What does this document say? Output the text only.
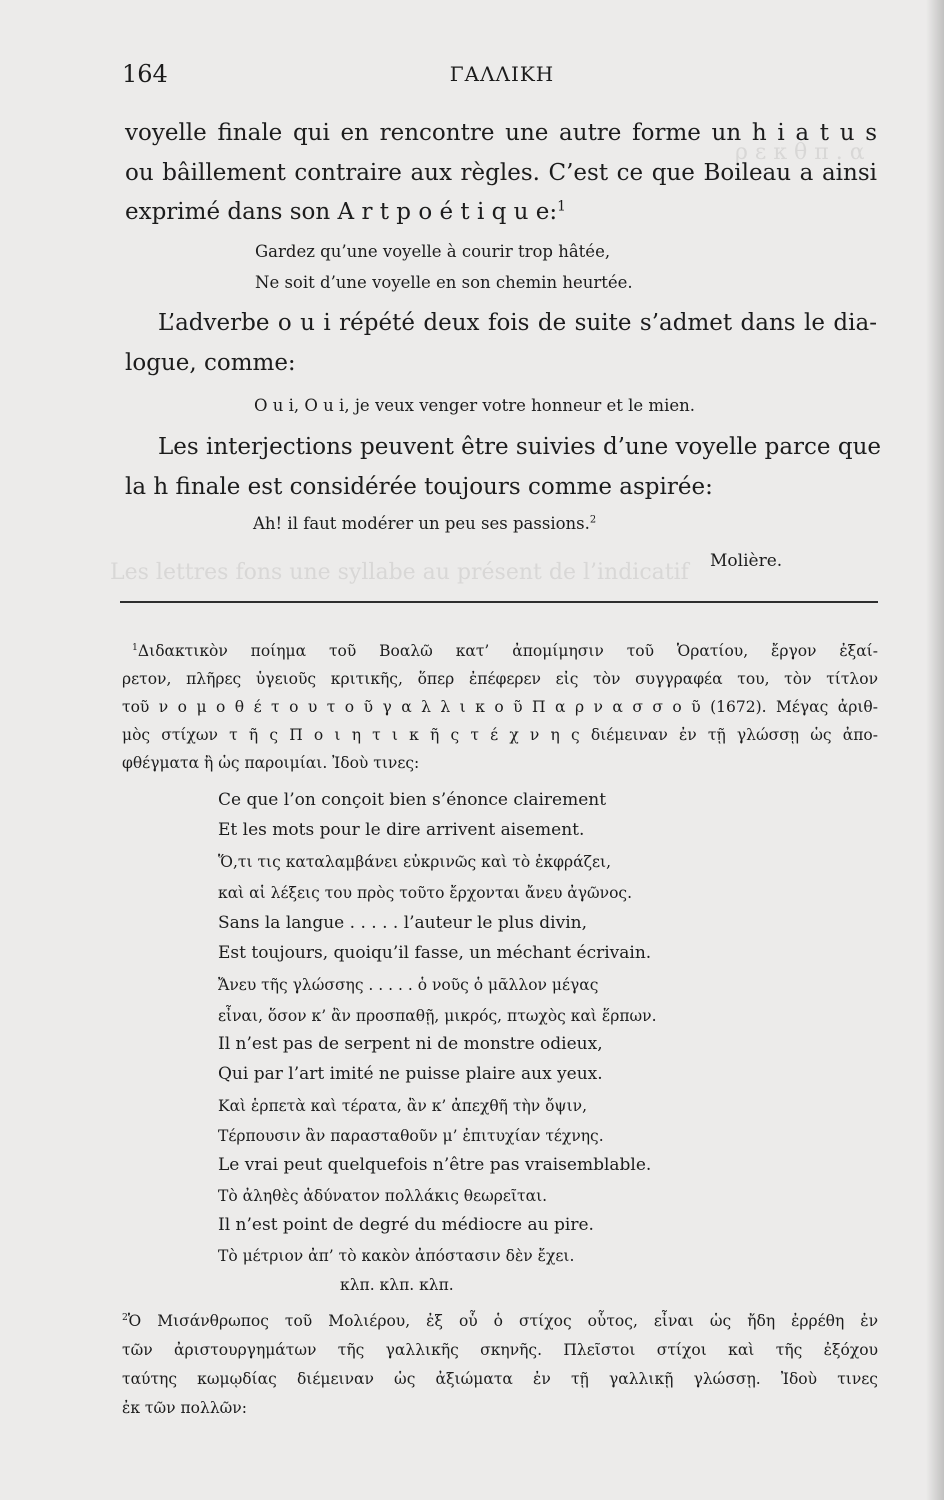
ρ ε κ θ π . α
Les lettres fons une syllabe au présent de l’indicatif
164	ΓΑΛΛΙΚΗ
voyelle finale qui en rencontre une autre forme un h i a t u s
ou bâillement contraire aux règles. C’est ce que Boileau a ainsi
exprimé dans son A r t p o é t i q u e:$^1$
Gardez qu’une voyelle à courir trop hâtée,
Ne soit d’une voyelle en son chemin heurtée.
L’adverbe o u i répété deux fois de suite s’admet dans le dia-
logue, comme:
O u i, O u i, je veux venger votre honneur et le mien.
Les interjections peuvent être suivies d’une voyelle parce que
la h finale est considérée toujours comme aspirée:
Ah! il faut modérer un peu ses passions.$^2$
Molière.
$^1$Διδακτικὸν ποίημα τοῦ Βοαλῶ κατ’ ἀπομίμησιν τοῦ Ὁρατίου, ἔργον ἐξαί-
ρετον, πλῆρες ὑγειοῦς κριτικῆς, ὅπερ ἐπέφερεν εἰς τὸν συγγραφέα του, τὸν τίτλον
τοῦ ν ο μ ο θ έ τ ο υ τ ο ῦ γ α λ λ ι κ ο ῦ Π α ρ ν α σ σ ο ῦ (1672). Μέγας ἀριθ-
μὸς στίχων τ ῆ ς Π ο ι η τ ι κ ῆ ς τ έ χ ν η ς διέμειναν ἐν τῇ γλώσσῃ ὡς ἀπο-
φθέγματα ἢ ὡς παροιμίαι. Ἰδοὺ τινες:
Ce que l’on conçoit bien s’énonce clairement
Et les mots pour le dire arrivent aisement.
Ὅ,τι τις καταλαμβάνει εὐκρινῶς καὶ τὸ ἐκφράζει,
καὶ αἱ λέξεις του πρὸς τοῦτο ἔρχονται ἄνευ ἀγῶνος.
Sans la langue . . . . . l’auteur le plus divin,
Est toujours, quoiqu’il fasse, un méchant écrivain.
Ἄνευ τῆς γλώσσης . . . . . ὁ νοῦς ὁ μᾶλλον μέγας
εἶναι, ὅσον κ’ ἂν προσπαθῇ, μικρός, πτωχὸς καὶ ἕρπων.
Il n’est pas de serpent ni de monstre odieux,
Qui par l’art imité ne puisse plaire aux yeux.
Καὶ ἑρπετὰ καὶ τέρατα, ἂν κ’ ἀπεχθῆ τὴν ὄψιν,
Τέρπουσιν ἂν παρασταθοῦν μ’ ἐπιτυχίαν τέχνης.
Le vrai peut quelquefois n’être pas vraisemblable.
Τὸ ἀληθὲς ἀδύνατον πολλάκις θεωρεῖται.
Il n’est point de degré du médiocre au pire.
Τὸ μέτριον ἀπ’ τὸ κακὸν ἀπόστασιν δὲν ἔχει.
κλπ. κλπ. κλπ.
$^2$Ὁ Μισάνθρωπος τοῦ Μολιέρου, ἐξ οὗ ὁ στίχος οὗτος, εἶναι ὡς ἤδη ἐρρέθη ἐν
τῶν ἀριστουργημάτων τῆς γαλλικῆς σκηνῆς. Πλεῖστοι στίχοι καὶ τῆς ἐξόχου
ταύτης κωμῳδίας διέμειναν ὡς ἀξιώματα ἐν τῇ γαλλικῇ γλώσσῃ. Ἰδοὺ τινες
ἐκ τῶν πολλῶν:
